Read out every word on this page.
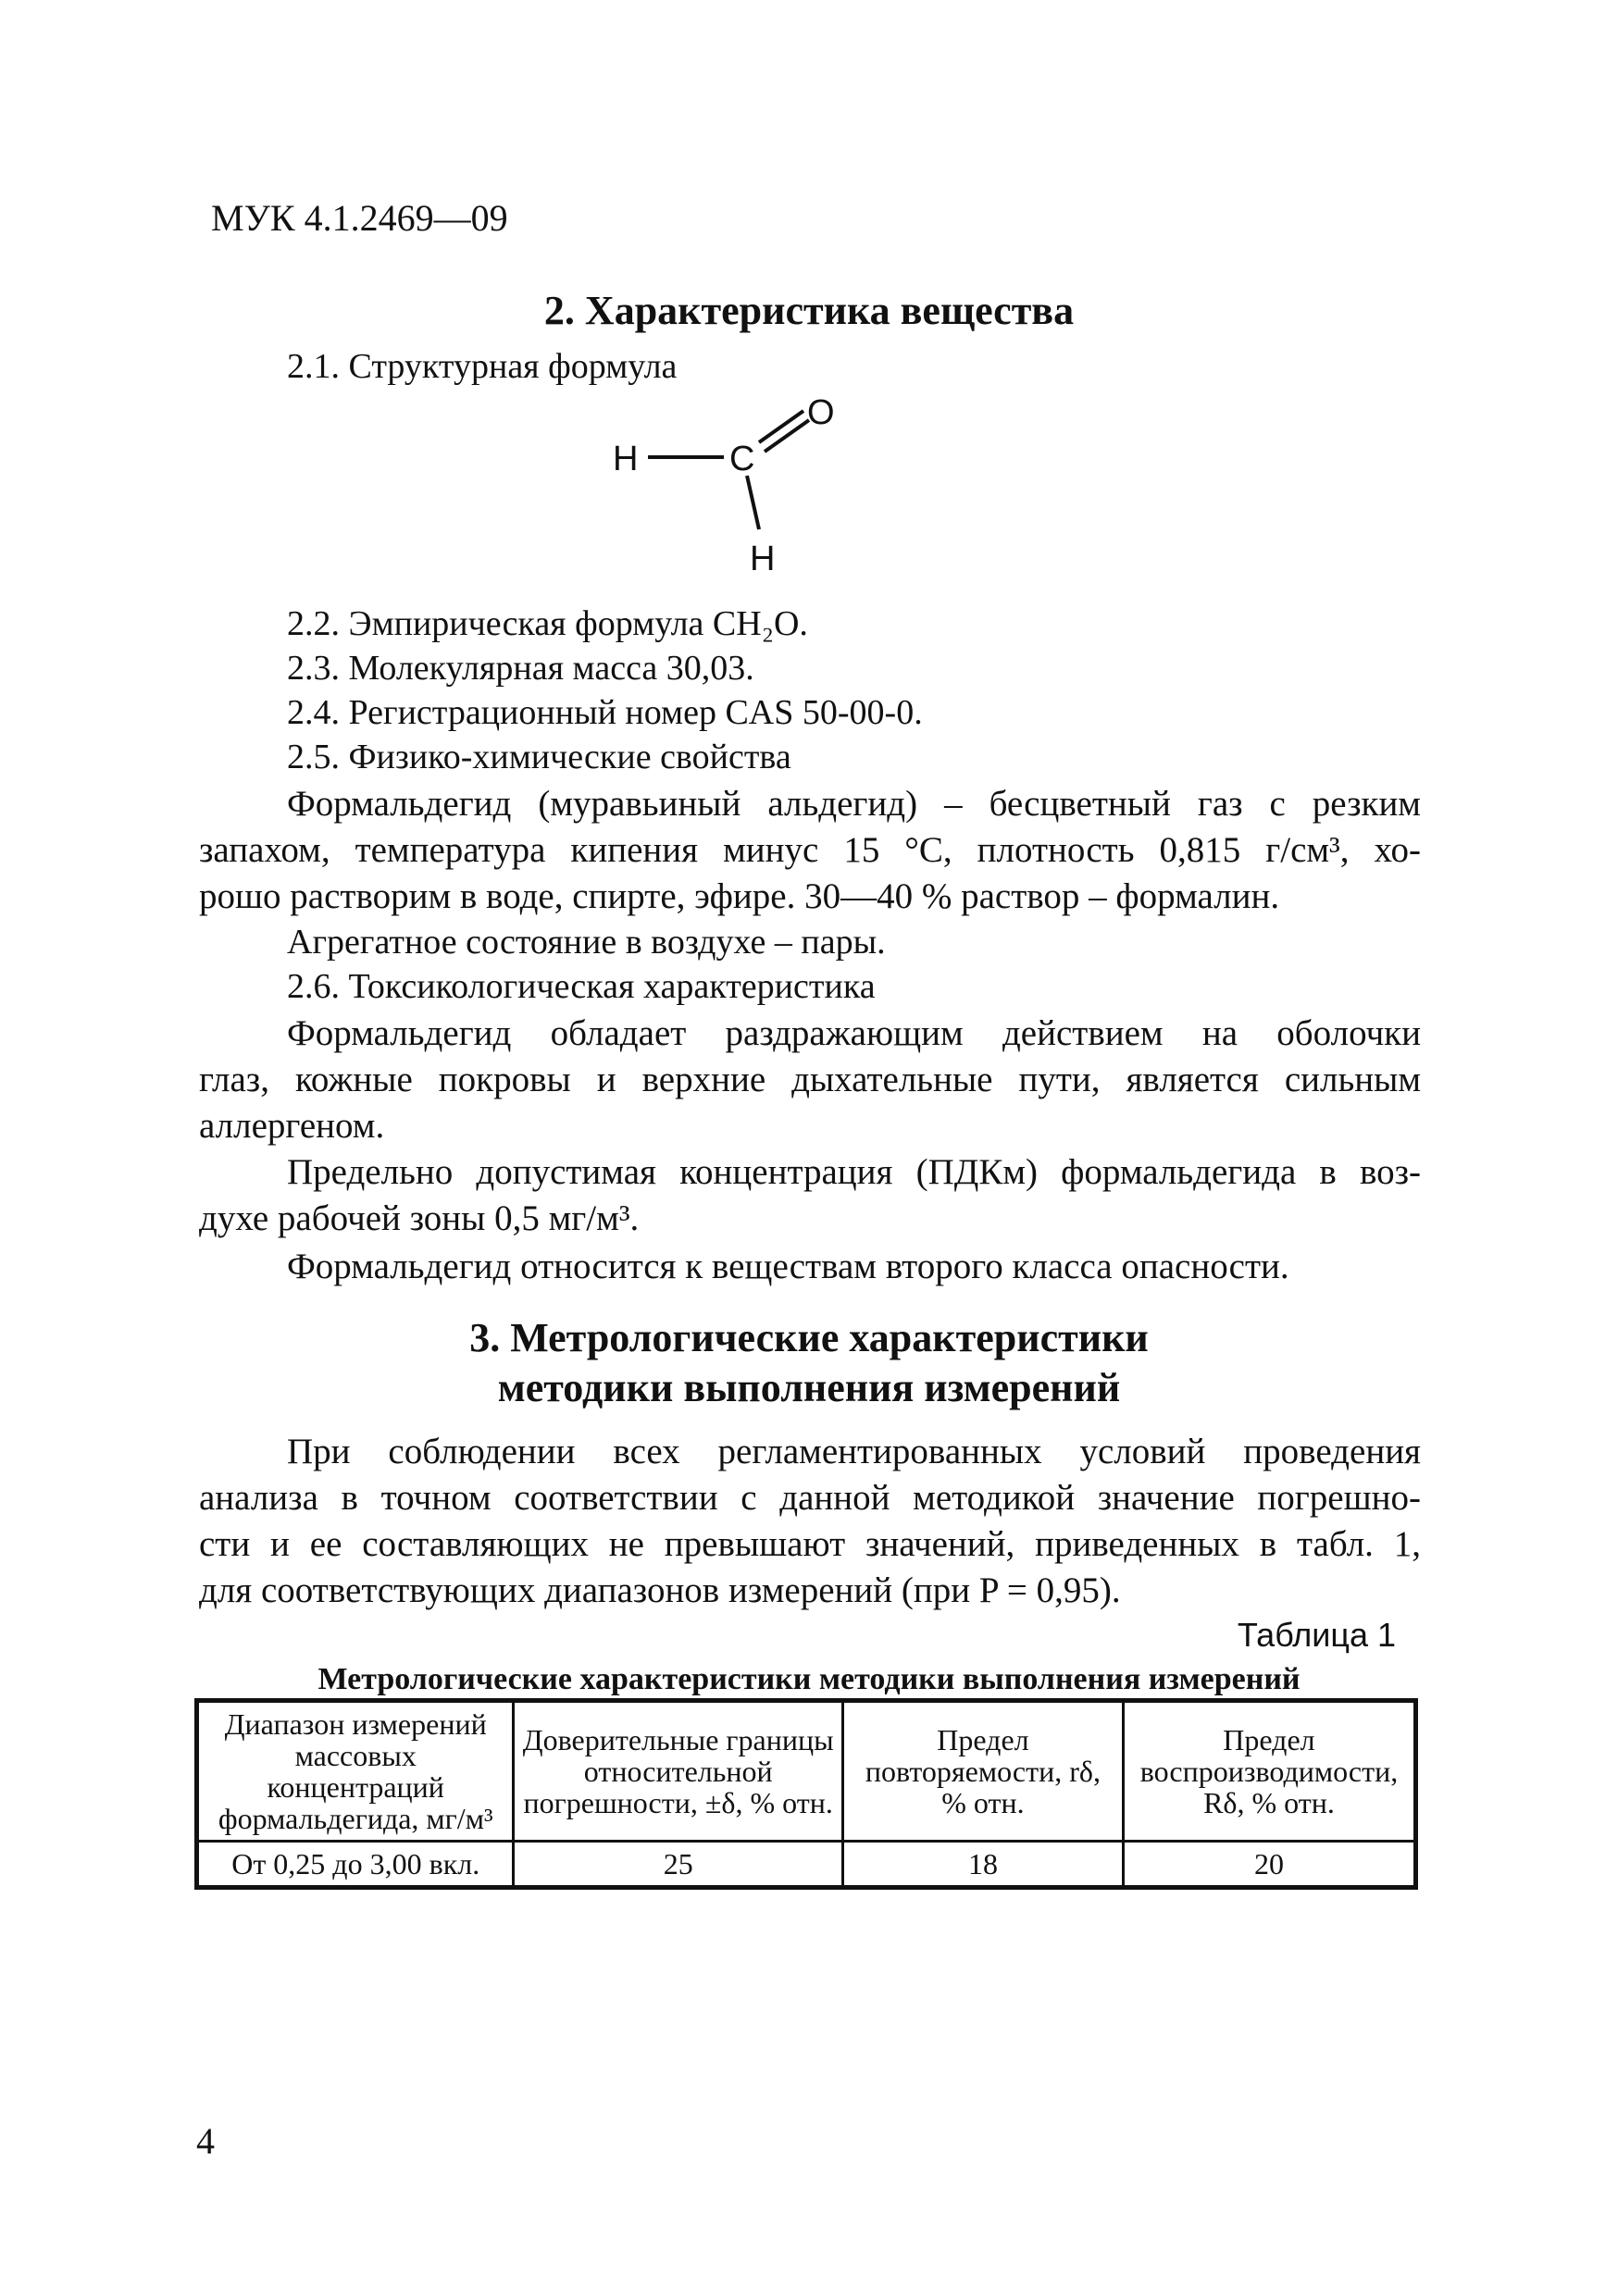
МУК 4.1.2469—09
2. Характеристика вещества
2.1. Структурная формула
H	C
O
H
2.2. Эмпирическая формула CH₂O.
2.3. Молекулярная масса 30,03.
2.4. Регистрационный номер CAS 50-00-0.
2.5. Физико-химические свойства
Формальдегид (муравьиный альдегид) – бесцветный газ с резким
запахом, температура кипения минус 15 °С, плотность 0,815 г/см³, хо-
рошо растворим в воде, спирте, эфире. 30—40 % раствор – формалин.
Агрегатное состояние в воздухе – пары.
2.6. Токсикологическая характеристика
Формальдегид обладает раздражающим действием на оболочки
глаз, кожные покровы и верхние дыхательные пути, является сильным
аллергеном.
Предельно допустимая концентрация (ПДКм) формальдегида в воз-
духе рабочей зоны 0,5 мг/м³.
Формальдегид относится к веществам второго класса опасности.
3. Метрологические характеристики
методики выполнения измерений
При соблюдении всех регламентированных условий проведения
анализа в точном соответствии с данной методикой значение погрешно-
сти и ее составляющих не превышают значений, приведенных в табл. 1,
для соответствующих диапазонов измерений (при P = 0,95).
Таблица 1
Метрологические характеристики методики выполнения измерений
Диапазон измерений массовых концентраций формальдегида, мг/м³	Доверительные границы относительной погрешности, ±δ, % отн.	Предел повторяемости, rδ, % отн.	Предел воспроизводимости, Rδ, % отн.
От 0,25 до 3,00 вкл.	25	18	20
4
